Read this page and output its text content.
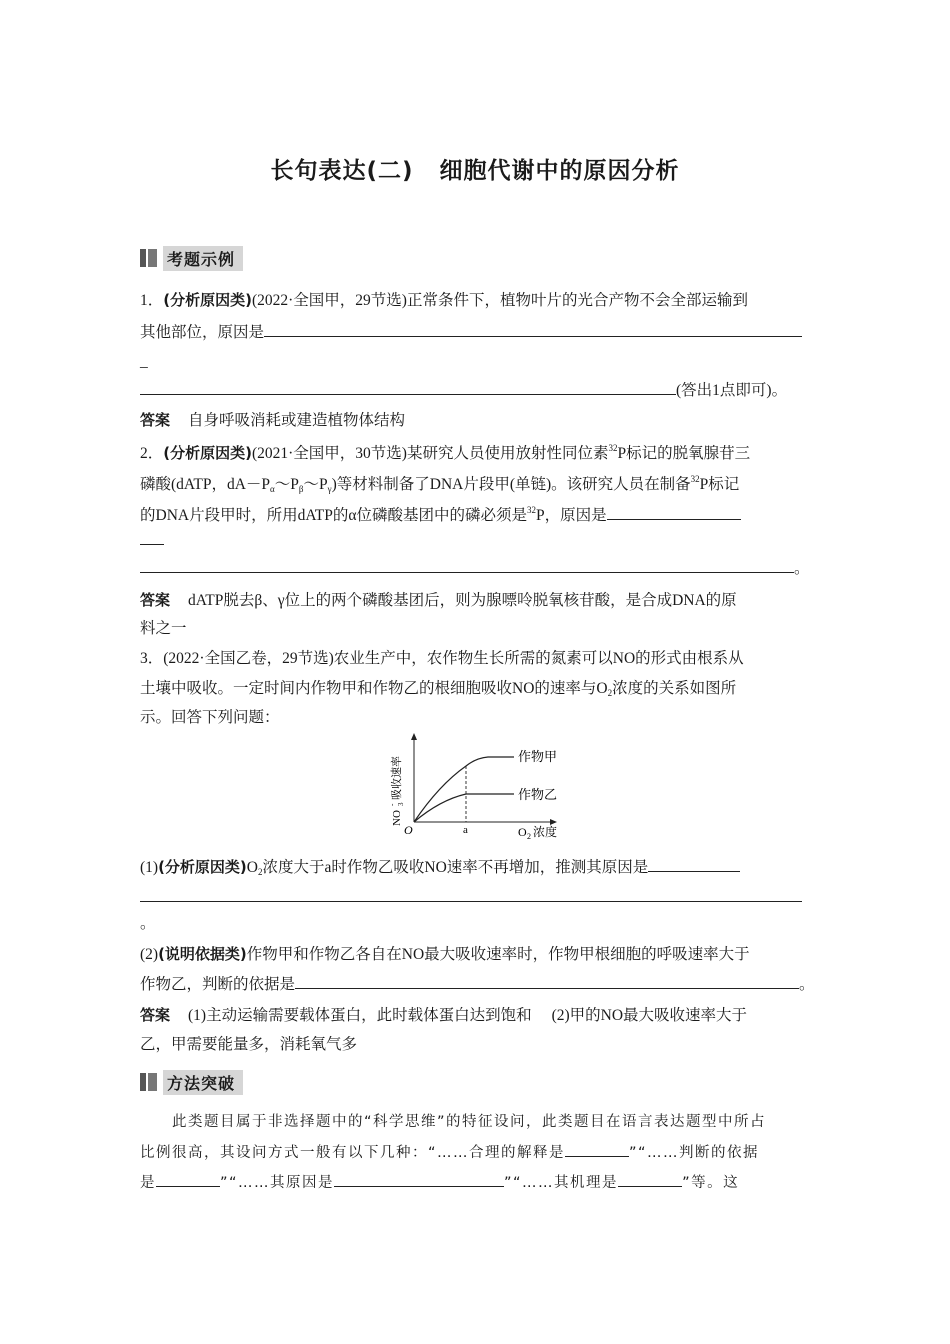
长句表达(二) 细胞代谢中的原因分析
考题示例
1．(分析原因类)(2022·全国甲，29节选)正常条件下，植物叶片的光合产物不会全部运输到
其他部位，原因是
_
(答出1点即可)。
答案 自身呼吸消耗或建造植物体结构
2．(分析原因类)(2021·全国甲，30节选)某研究人员使用放射性同位素$^{32}$P标记的脱氧腺苷三
磷酸(dATP，$dA-P_\alpha\sim P_\beta\sim P_\gamma$)等材料制备了DNA片段甲(单链)。该研究人员在制备$^{32}$P标记
的DNA片段甲时，所用dATP的α位磷酸基团中的磷必须是$^{32}$P，原因是
。
答案 dATP脱去β、γ位上的两个磷酸基团后，则为腺嘌呤脱氧核苷酸，是合成DNA的原
料之一
3．(2022·全国乙卷，29节选)农业生产中，农作物生长所需的氮素可以NO的形式由根系从
土壤中吸收。一定时间内作物甲和作物乙的根细胞吸收NO的速率与$O_2$浓度的关系如图所
示。回答下列问题：
作物甲
作物乙
O	a	O 2 浓度
NO
3
-
吸收速率
(1)(分析原因类)$O_2$浓度大于a时作物乙吸收NO速率不再增加，推测其原因是
。
(2)(说明依据类)作物甲和作物乙各自在NO最大吸收速率时，作物甲根细胞的呼吸速率大于
作物乙，判断的依据是	。
答案 (1)主动运输需要载体蛋白，此时载体蛋白达到饱和 (2)甲的NO最大吸收速率大于
乙，甲需要能量多，消耗氧气多
方法突破
此类题目属于非选择题中的“科学思维”的特征设问，此类题目在语言表达题型中所占
比例很高，其设问方式一般有以下几种：“……合理的解释是	”“……判断的依据
是	”“……其原因是	”“……其机理是	”等。这
